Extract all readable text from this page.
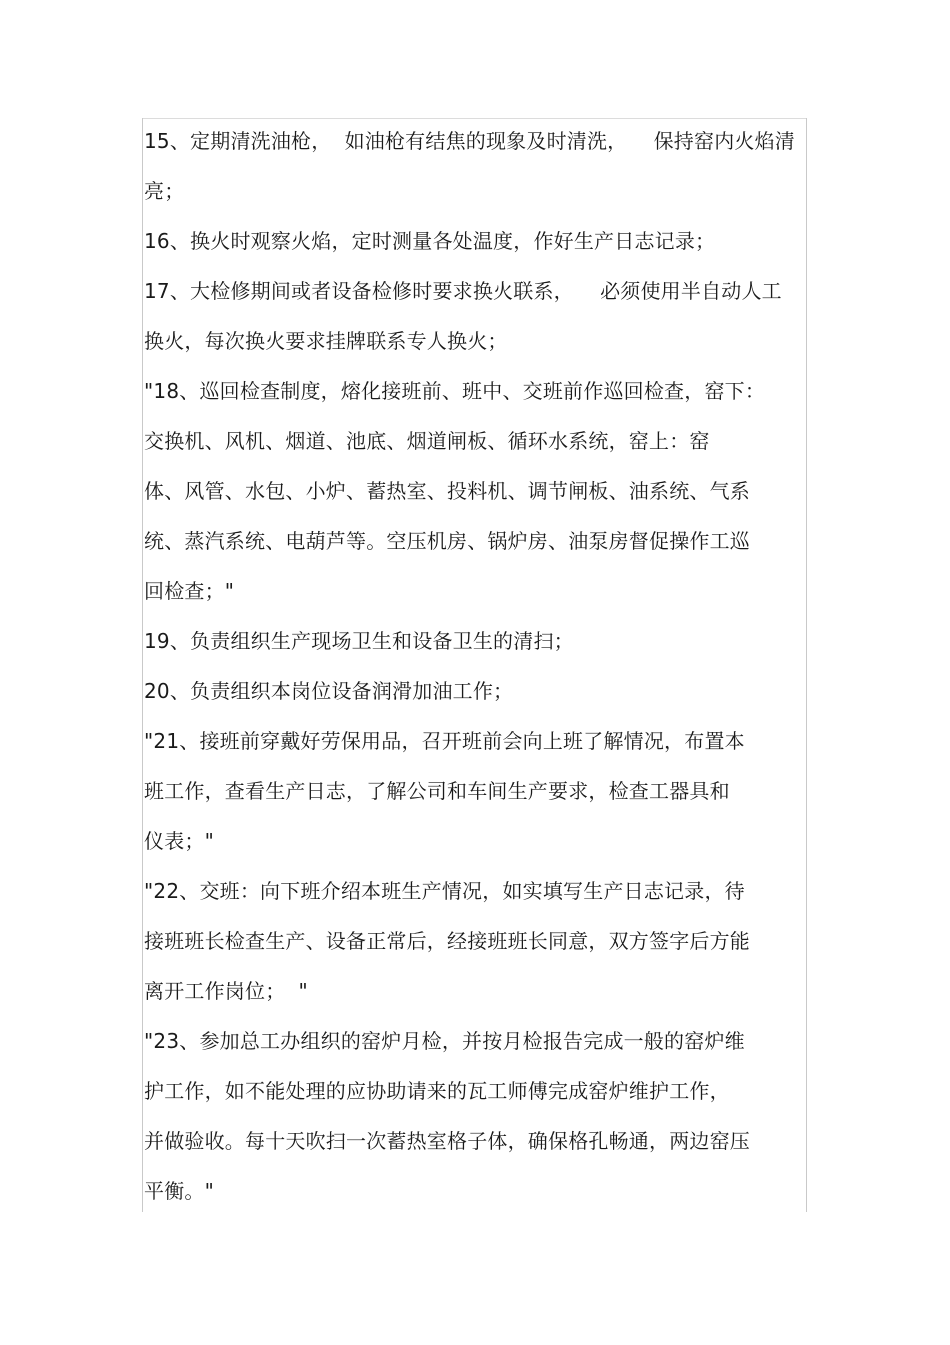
15、定期清洗油枪，  如油枪有结焦的现象及时清洗，    保持窑内火焰清
亮；
16、换火时观察火焰，定时测量各处温度，作好生产日志记录；
17、大检修期间或者设备检修时要求换火联系，    必须使用半自动人工
换火，每次换火要求挂牌联系专人换火；
"18、巡回检查制度，熔化接班前、班中、交班前作巡回检查，窑下：
交换机、风机、烟道、池底、烟道闸板、循环水系统，窑上：窑
体、风管、水包、小炉、蓄热室、投料机、调节闸板、油系统、气系
统、蒸汽系统、电葫芦等。空压机房、锅炉房、油泵房督促操作工巡
回检查；"
19、负责组织生产现场卫生和设备卫生的清扫；
20、负责组织本岗位设备润滑加油工作；
"21、接班前穿戴好劳保用品，召开班前会向上班了解情况，布置本
班工作，查看生产日志，了解公司和车间生产要求，检查工器具和
仪表；"
"22、交班：向下班介绍本班生产情况，如实填写生产日志记录，待
接班班长检查生产、设备正常后，经接班班长同意，双方签字后方能
离开工作岗位；  "
"23、参加总工办组织的窑炉月检，并按月检报告完成一般的窑炉维
护工作，如不能处理的应协助请来的瓦工师傅完成窑炉维护工作，
并做验收。每十天吹扫一次蓄热室格子体，确保格孔畅通，两边窑压
平衡。"
